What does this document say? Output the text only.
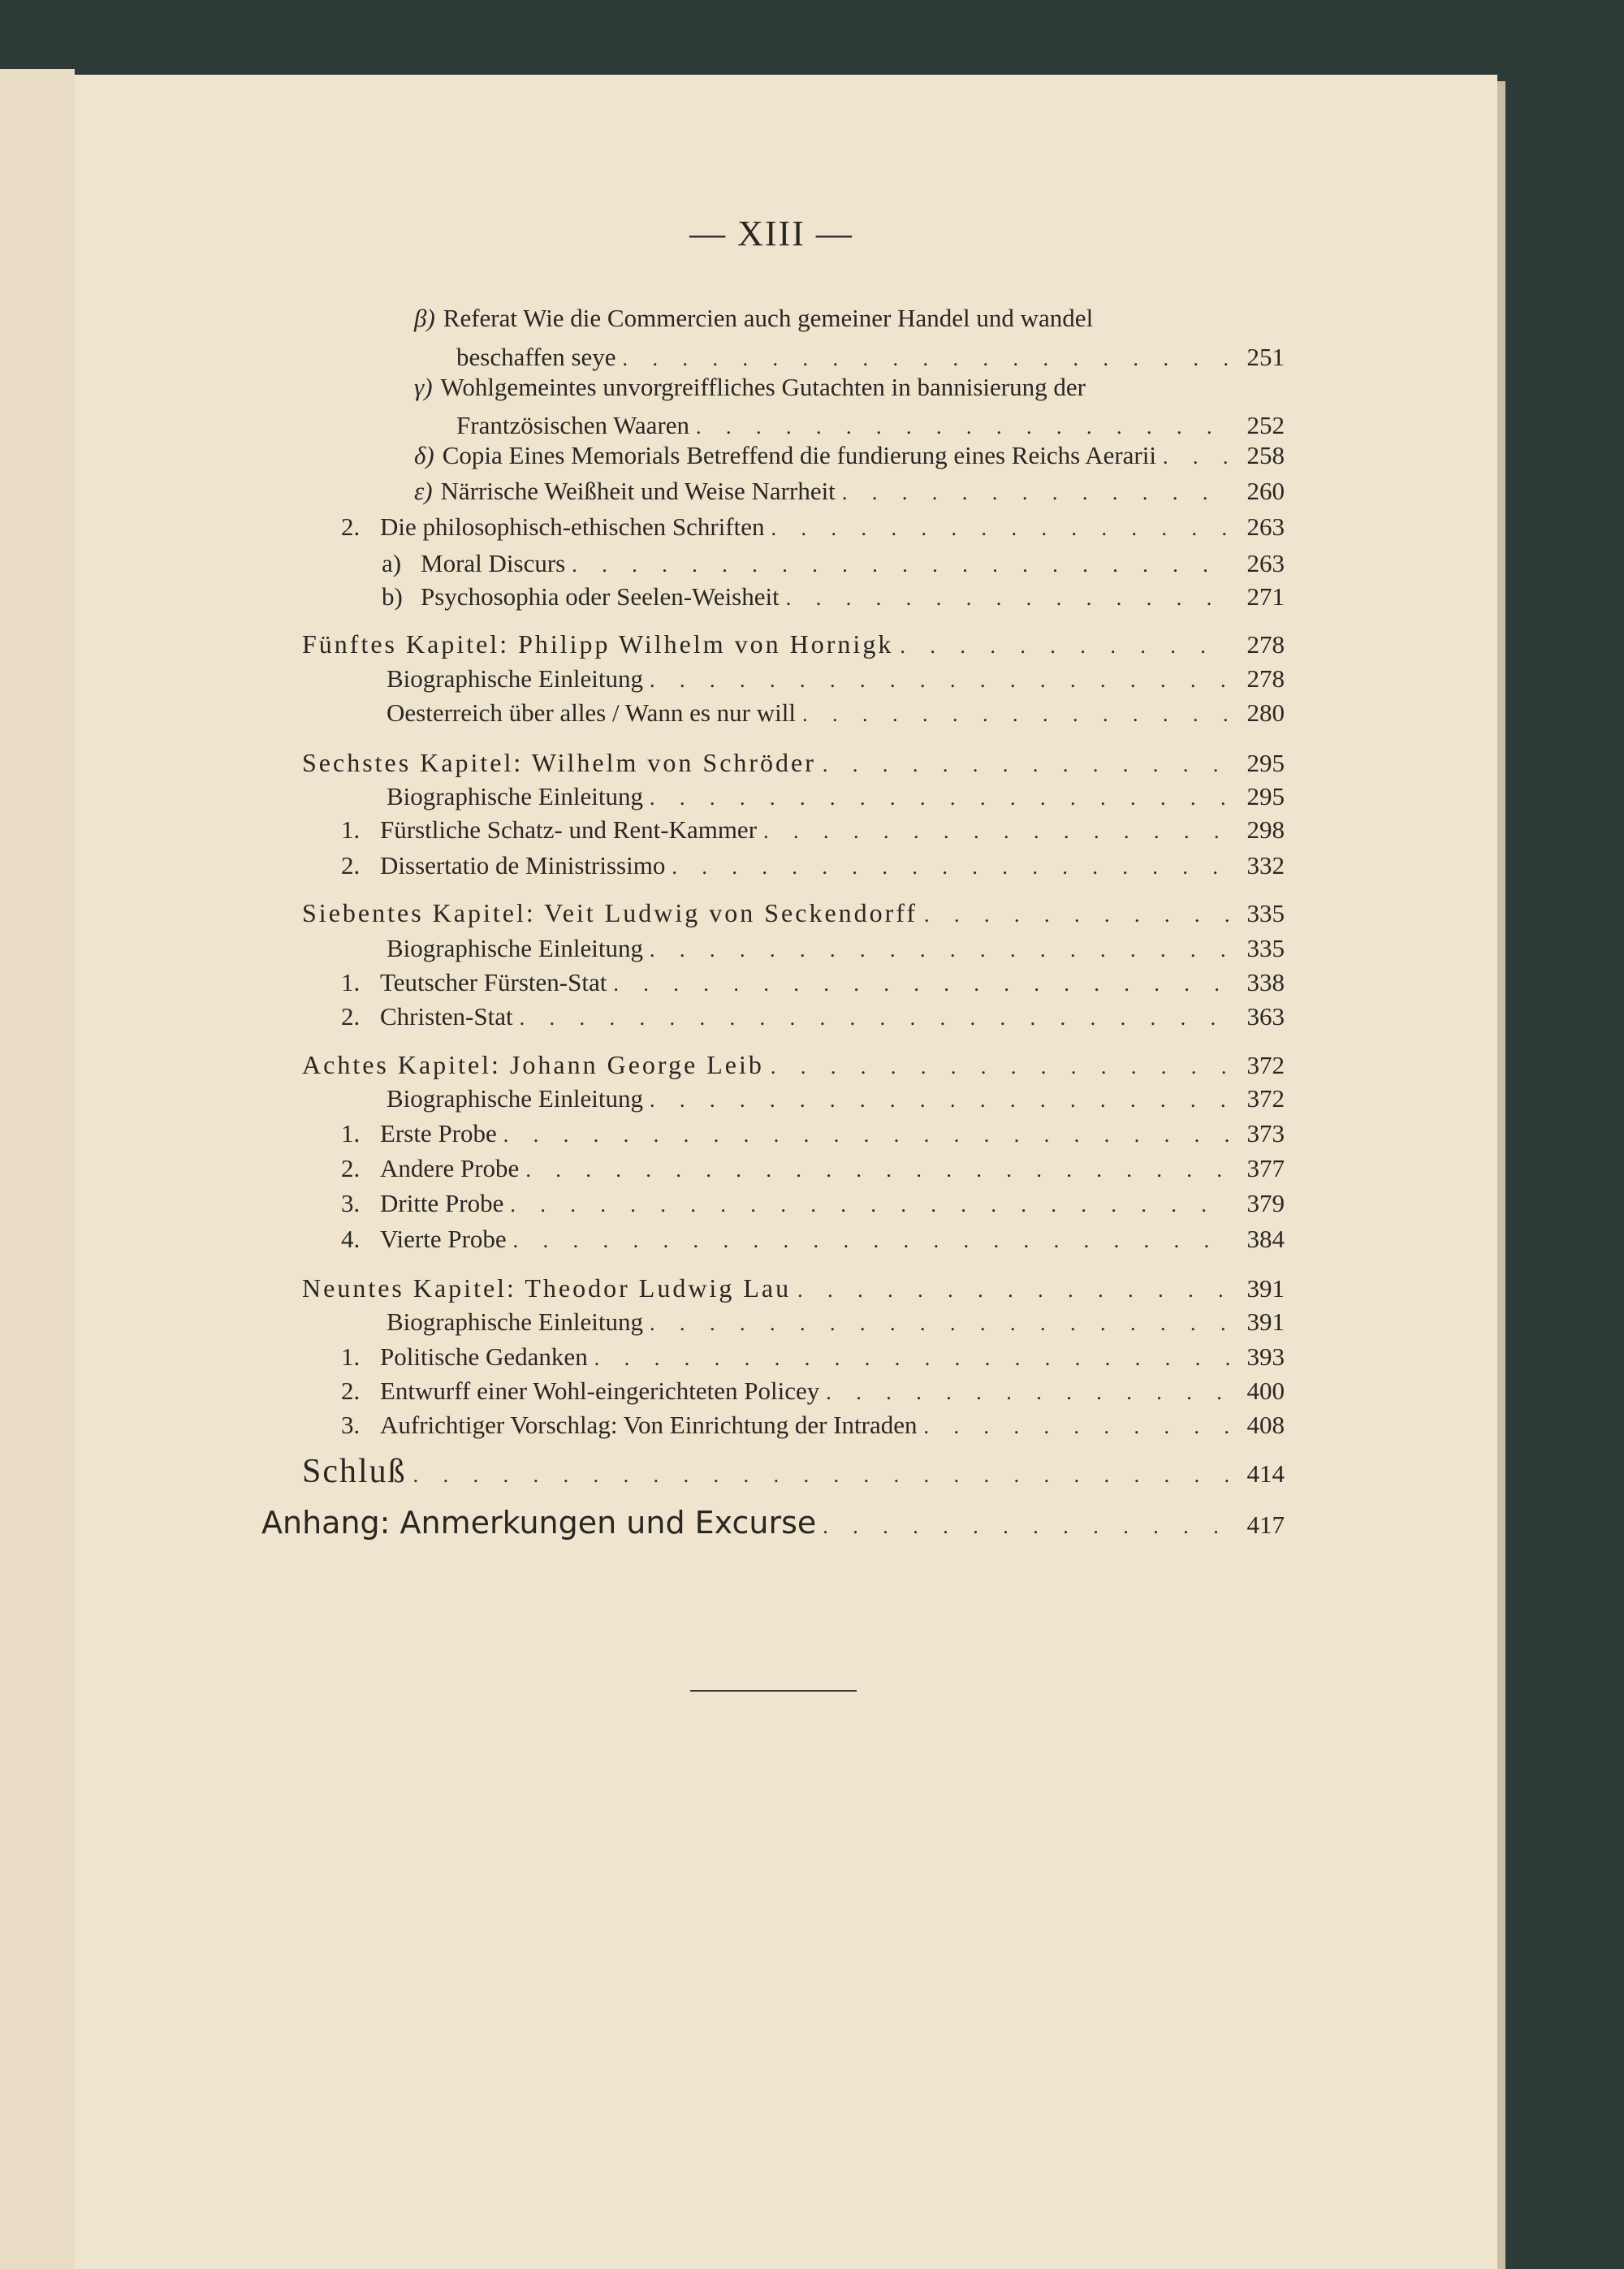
— XIII —
β) Referat Wie die Commercien auch gemeiner Handel und wandel
beschaffen seye . . .	251
γ) Wohlgemeintes unvorgreiffliches Gutachten in bannisierung der
Frantzösischen Waaren . . .	252
δ) Copia Eines Memorials Betreffend die fundierung eines Reichs Aerarii . . .	258
ε) Närrische Weißheit und Weise Narrheit . . .	260
2. Die philosophisch-ethischen Schriften . . .	263
a) Moral Discurs . . .	263
b) Psychosophia oder Seelen-Weisheit . . .	271
Fünftes Kapitel: Philipp Wilhelm von Hornigk . . .	278
Biographische Einleitung . . .	278
Oesterreich über alles / Wann es nur will . . .	280
Sechstes Kapitel: Wilhelm von Schröder . . .	295
Biographische Einleitung . . .	295
1. Fürstliche Schatz- und Rent-Kammer . . .	298
2. Dissertatio de Ministrissimo . . .	332
Siebentes Kapitel: Veit Ludwig von Seckendorff . . .	335
Biographische Einleitung . . .	335
1. Teutscher Fürsten-Stat . . .	338
2. Christen-Stat . . .	363
Achtes Kapitel: Johann George Leib . . .	372
Biographische Einleitung . . .	372
1. Erste Probe . . .	373
2. Andere Probe . . .	377
3. Dritte Probe . . .	379
4. Vierte Probe . . .	384
Neuntes Kapitel: Theodor Ludwig Lau . . .	391
Biographische Einleitung . . .	391
1. Politische Gedanken . . .	393
2. Entwurff einer Wohl-eingerichteten Policey . . .	400
3. Aufrichtiger Vorschlag: Von Einrichtung der Intraden . . .	408
Schluß . . .	414
Anhang: Anmerkungen und Excurse . . .	417
